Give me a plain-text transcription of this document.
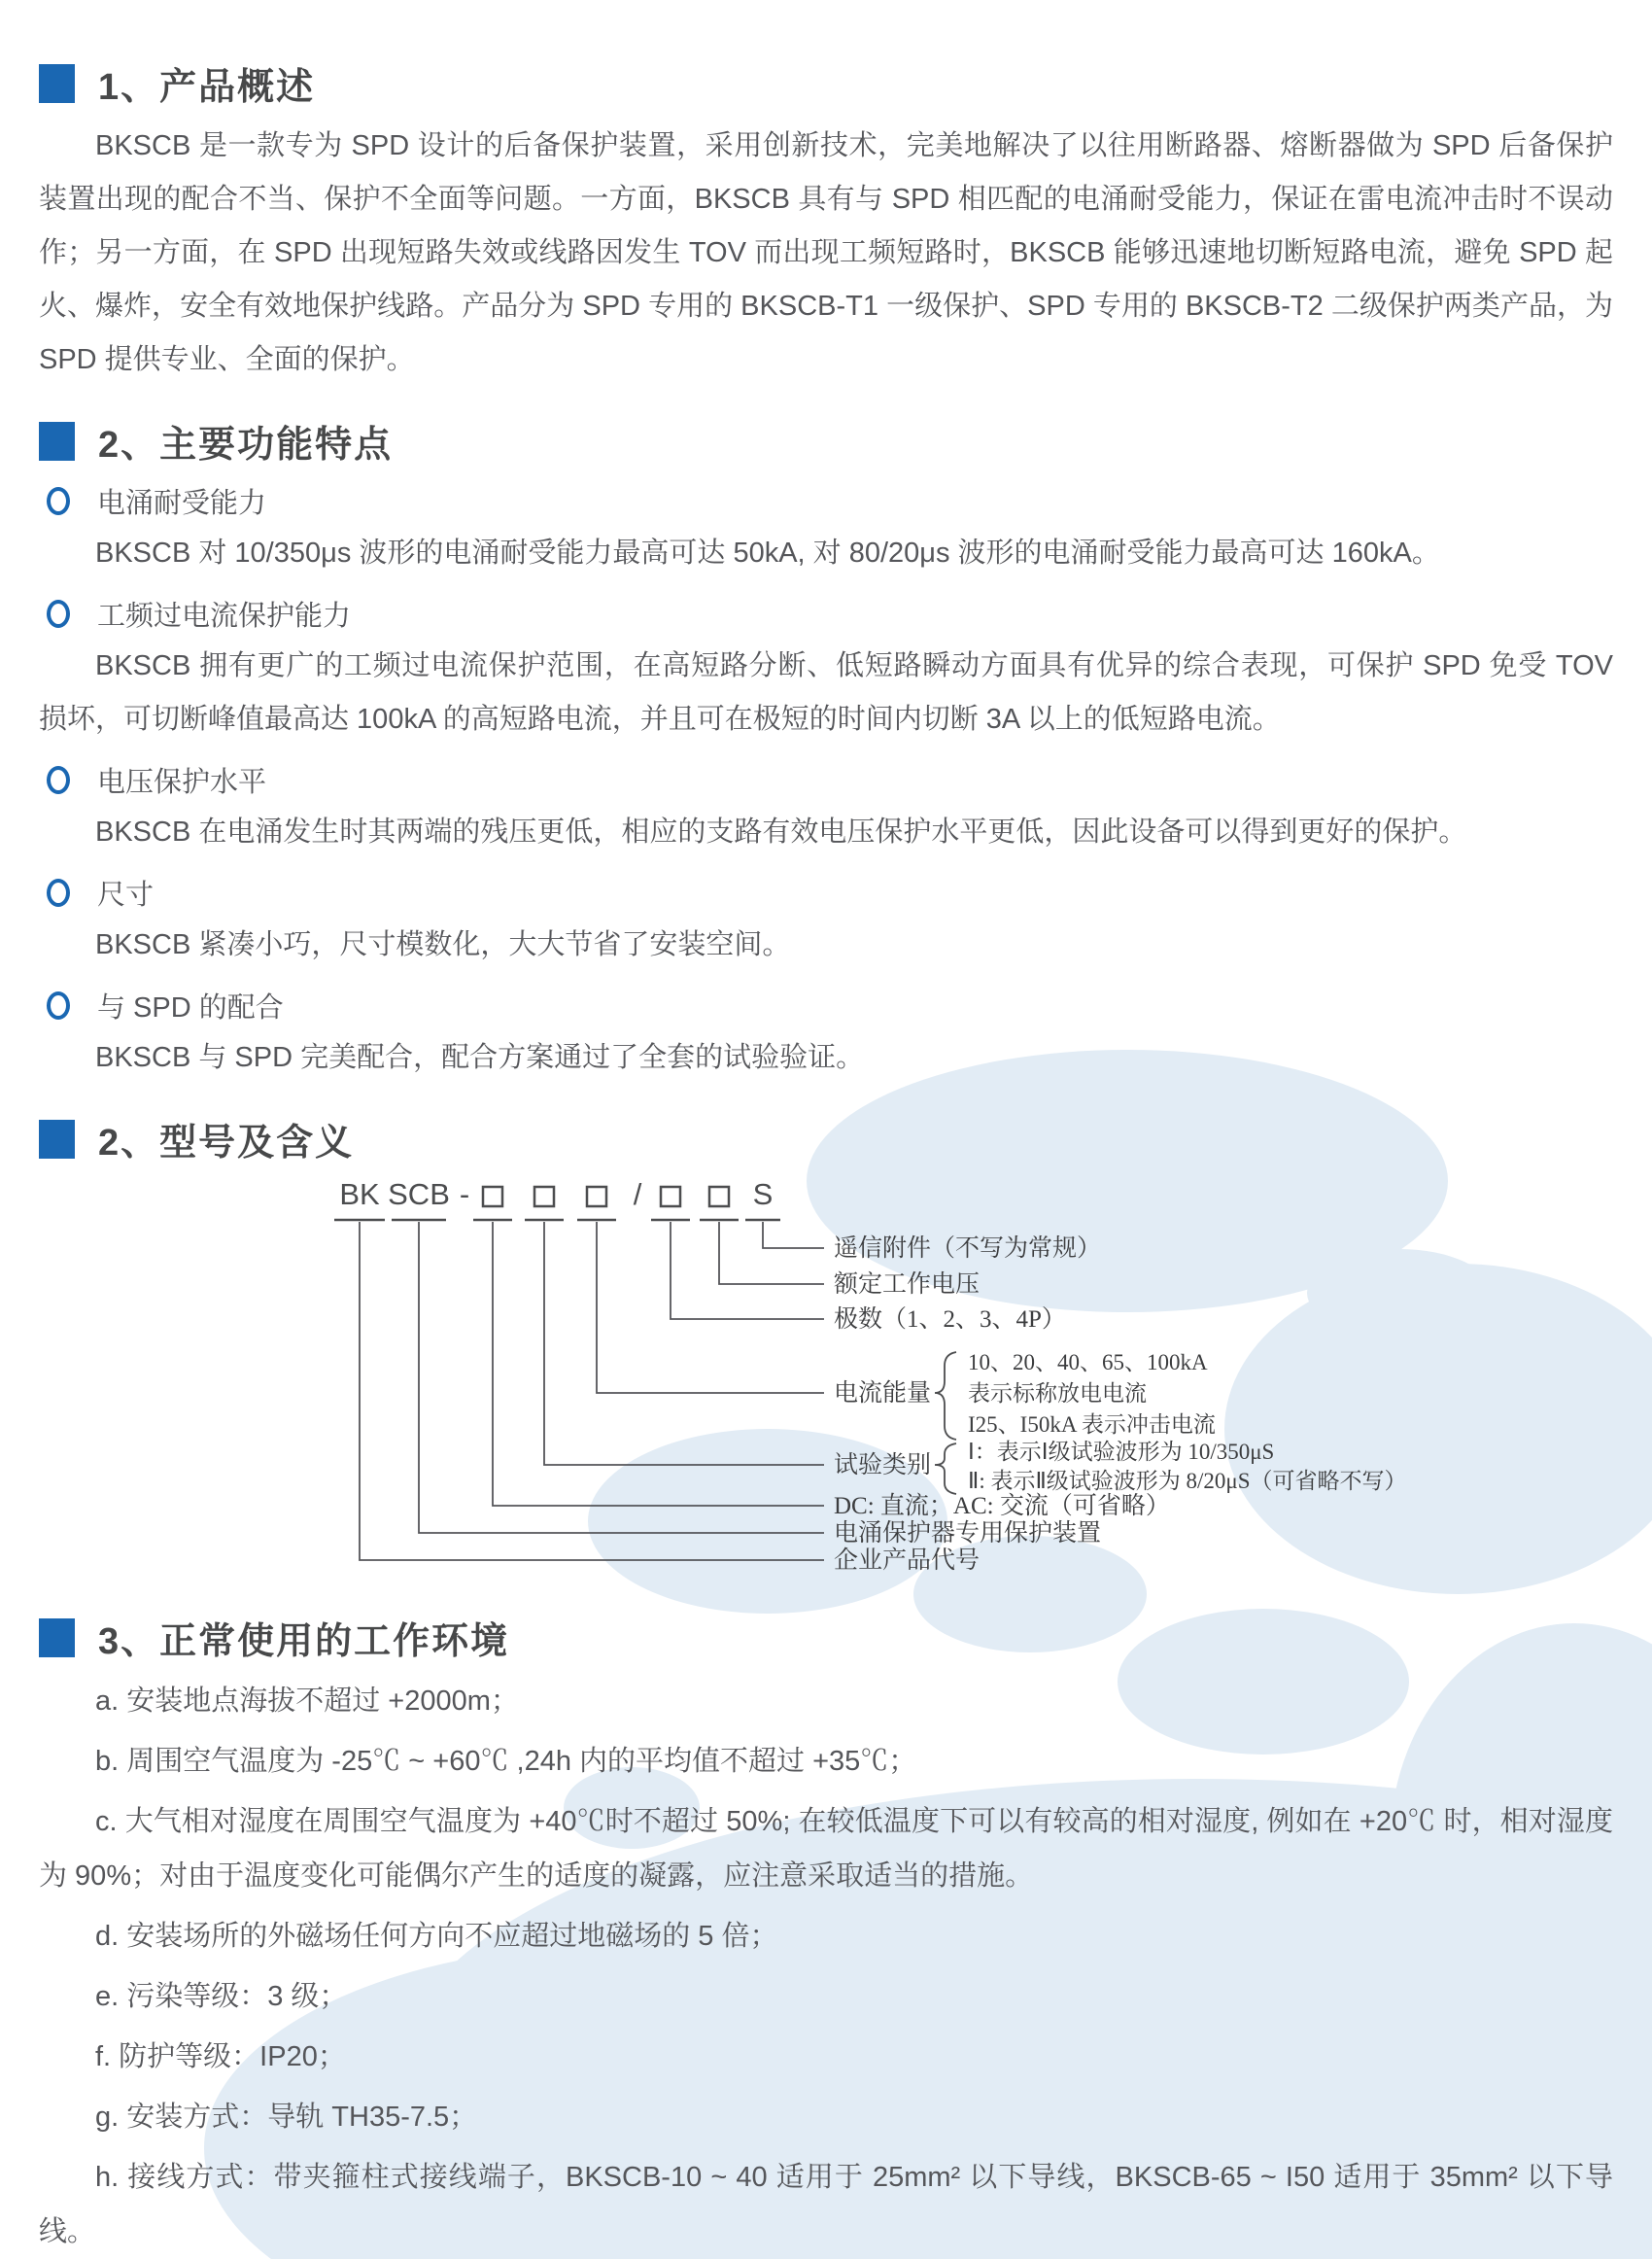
1、产品概述

BKSCB 是一款专为 SPD 设计的后备保护装置，采用创新技术，完美地解决了以往用断路器、熔断器做为 SPD 后备保护装置出现的配合不当、保护不全面等问题。一方面，BKSCB 具有与 SPD 相匹配的电涌耐受能力，保证在雷电流冲击时不误动作；另一方面，在 SPD 出现短路失效或线路因发生 TOV 而出现工频短路时，BKSCB 能够迅速地切断短路电流，避免 SPD 起火、爆炸，安全有效地保护线路。产品分为 SPD 专用的 BKSCB-T1 一级保护、SPD 专用的 BKSCB-T2 二级保护两类产品，为 SPD 提供专业、全面的保护。

2、主要功能特点
电涌耐受能力

BKSCB 对 10/350μs 波形的电涌耐受能力最高可达 50kA, 对 80/20μs 波形的电涌耐受能力最高可达 160kA。

工频过电流保护能力

BKSCB 拥有更广的工频过电流保护范围，在高短路分断、低短路瞬动方面具有优异的综合表现，可保护 SPD 免受 TOV 损坏，可切断峰值最高达 100kA 的高短路电流，并且可在极短的时间内切断 3A 以上的低短路电流。

电压保护水平

BKSCB 在电涌发生时其两端的残压更低，相应的支路有效电压保护水平更低，因此设备可以得到更好的保护。

尺寸

BKSCB 紧凑小巧，尺寸模数化，大大节省了安装空间。

与 SPD 的配合

BKSCB 与 SPD 完美配合，配合方案通过了全套的试验验证。

2、型号及含义
BK SCB -	/	S
遥信附件（不写为常规）
额定工作电压
极数（1、2、3、4P）
电流能量
10、20、40、65、100kA
表示标称放电电流
I25、I50kA 表示冲击电流
试验类别
Ⅰ：表示Ⅰ级试验波形为 10/350μS
Ⅱ: 表示Ⅱ级试验波形为 8/20μS（可省略不写）
DC: 直流；AC: 交流（可省略）
电涌保护器专用保护装置
企业产品代号
3、正常使用的工作环境

a. 安装地点海拔不超过 +2000m；

b. 周围空气温度为 -25℃ ~ +60℃ ,24h 内的平均值不超过 +35℃；

c. 大气相对湿度在周围空气温度为 +40℃时不超过 50%; 在较低温度下可以有较高的相对湿度, 例如在 +20℃ 时，相对湿度为 90%；对由于温度变化可能偶尔产生的适度的凝露，应注意采取适当的措施。

d. 安装场所的外磁场任何方向不应超过地磁场的 5 倍；

e. 污染等级：3 级；

f. 防护等级：IP20；

g. 安装方式：导轨 TH35-7.5；

h. 接线方式：带夹箍柱式接线端子，BKSCB-10 ~ 40 适用于 25mm² 以下导线，BKSCB-65 ~ I50 适用于 35mm² 以下导线。
